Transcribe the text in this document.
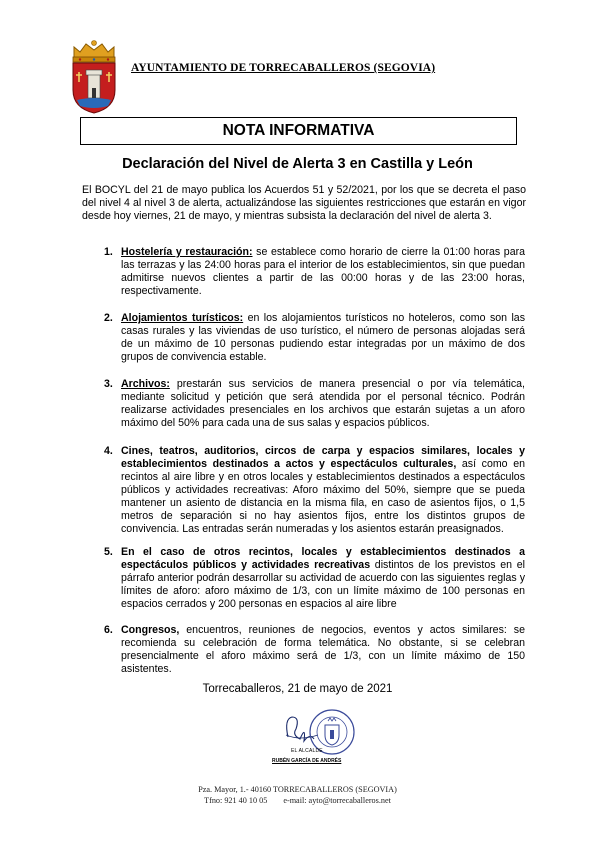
AYUNTAMIENTO DE TORRECABALLEROS (SEGOVIA)
NOTA INFORMATIVA
Declaración del Nivel de Alerta 3 en Castilla y León
El BOCYL del 21 de mayo publica los Acuerdos 51 y 52/2021, por los que se decreta el paso del nivel 4 al nivel 3 de alerta, actualizándose las siguientes restricciones que estarán en vigor desde hoy viernes, 21 de mayo, y mientras subsista la declaración del nivel de alerta 3.
1. Hostelería y restauración: se establece como horario de cierre la 01:00 horas para las terrazas y las 24:00 horas para el interior de los establecimientos, sin que puedan admitirse nuevos clientes a partir de las 00:00 horas y de las 23:00 horas, respectivamente.
2. Alojamientos turísticos: en los alojamientos turísticos no hoteleros, como son las casas rurales y las viviendas de uso turístico, el número de personas alojadas será de un máximo de 10 personas pudiendo estar integradas por un máximo de dos grupos de convivencia estable.
3. Archivos: prestarán sus servicios de manera presencial o por vía telemática, mediante solicitud y petición que será atendida por el personal técnico. Podrán realizarse actividades presenciales en los archivos que estarán sujetas a un aforo máximo del 50% para cada una de sus salas y espacios públicos.
4. Cines, teatros, auditorios, circos de carpa y espacios similares, locales y establecimientos destinados a actos y espectáculos culturales, así como en recintos al aire libre y en otros locales y establecimientos destinados a espectáculos públicos y actividades recreativas: Aforo máximo del 50%, siempre que se pueda mantener un asiento de distancia en la misma fila, en caso de asientos fijos, o 1,5 metros de separación si no hay asientos fijos, entre los distintos grupos de convivencia. Las entradas serán numeradas y los asientos estarán preasignados.
5. En el caso de otros recintos, locales y establecimientos destinados a espectáculos públicos y actividades recreativas distintos de los previstos en el párrafo anterior podrán desarrollar su actividad de acuerdo con las siguientes reglas y límites de aforo: aforo máximo de 1/3, con un límite máximo de 100 personas en espacios cerrados y 200 personas en espacios al aire libre
6. Congresos, encuentros, reuniones de negocios, eventos y actos similares: se recomienda su celebración de forma telemática. No obstante, si se celebran presencialmente el aforo máximo será de 1/3, con un límite máximo de 150 asistentes.
Torrecaballeros, 21 de mayo de 2021
EL ALCALDE
RUBÉN GARCÍA DE ANDRÉS
Pza. Mayor, 1.- 40160 TORRECABALLEROS (SEGOVIA)
Tfno: 921 40 10 05 e-mail: ayto@torrecaballeros.net
